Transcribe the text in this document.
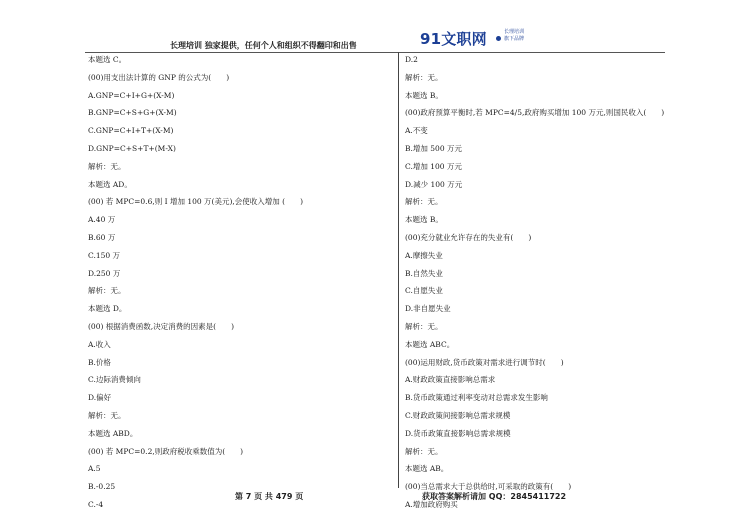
长理培训 独家提供，任何个人和组织不得翻印和出售	91文职网	长理培训
旗下品牌
本题选 C。
(00)用支出法计算的 GNP 的公式为(　　)
A.GNP=C+I+G+(X-M)
B.GNP=C+S+G+(X-M)
C.GNP=C+I+T+(X-M)
D.GNP=C+S+T+(M-X)
解析：无。
本题选 AD。
(00) 若 MPC=0.6,则 I 增加 100 万(美元),会使收入增加 (　　)
A.40 万
B.60 万
C.150 万
D.250 万
解析：无。
本题选 D。
(00) 根据消费函数,决定消费的因素是(　　)
A.收入
B.价格
C.边际消费倾向
D.偏好
解析：无。
本题选 ABD。
(00) 若 MPC=0.2,则政府税收乘数值为(　　)
A.5
B.-0.25
C.-4
D.2
解析：无。
本题选 B。
(00)政府预算平衡时,若 MPC=4/5,政府购买增加 100 万元,则国民收入(　　)
A.不变
B.增加 500 万元
C.增加 100 万元
D.减少 100 万元
解析：无。
本题选 B。
(00)充分就业允许存在的失业有(　　)
A.摩擦失业
B.自然失业
C.自愿失业
D.非自愿失业
解析：无。
本题选 ABC。
(00)运用财政,货币政策对需求进行调节时(　　)
A.财政政策直接影响总需求
B.货币政策通过利率变动对总需求发生影响
C.财政政策间接影响总需求规模
D.货币政策直接影响总需求规模
解析：无。
本题选 AB。
(00)当总需求大于总供给时,可采取的政策有(　　)
A.增加政府购买
第 7 页 共 479 页	获取答案解析请加 QQ：2845411722
